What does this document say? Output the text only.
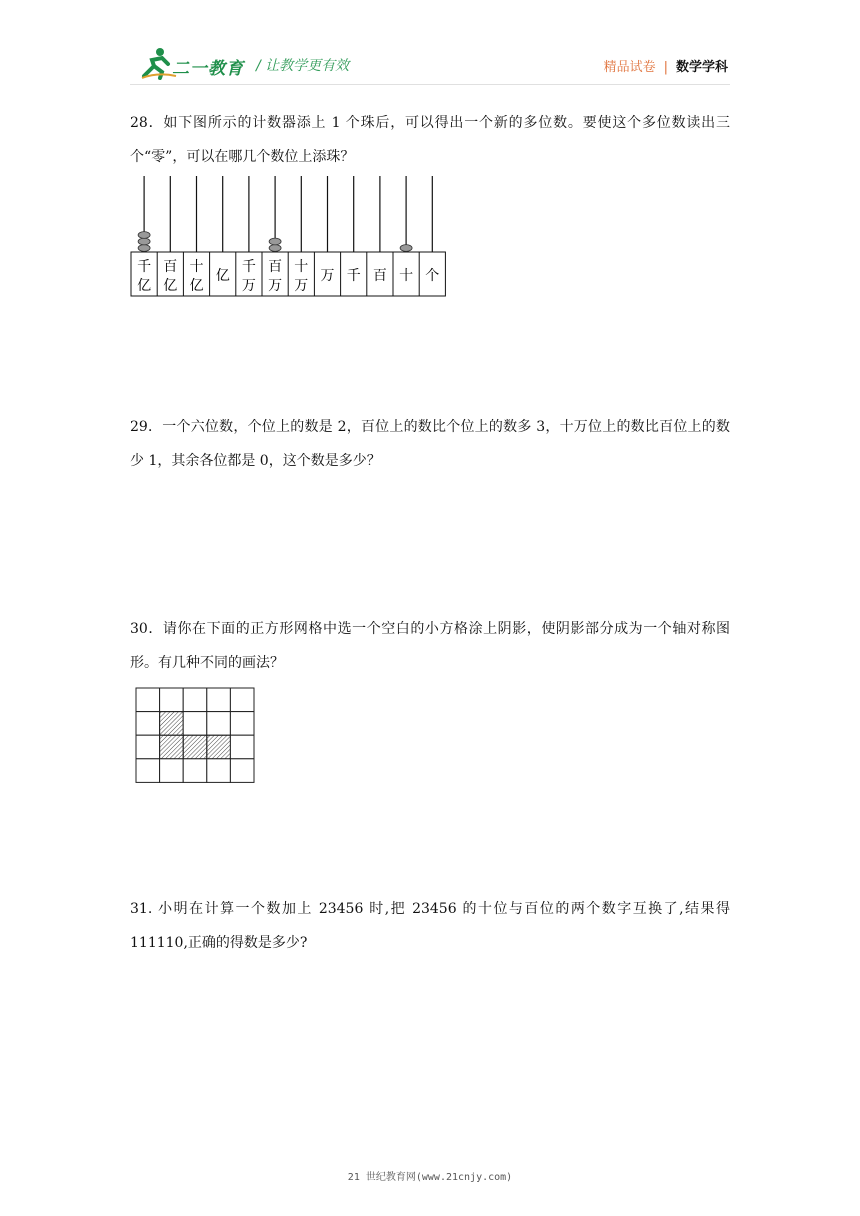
二一教育 / 让教学更有效	精品试卷 | 数学学科
28．如下图所示的计数器添上 1 个珠后，可以得出一个新的多位数。要使这个多位数读出三个“零”，可以在哪几个数位上添珠？
千
亿
百
亿
十
亿
亿
千
万
百
万
十
万
万 千 百 十 个
29．一个六位数，个位上的数是 2，百位上的数比个位上的数多 3，十万位上的数比百位上的数少 1，其余各位都是 0，这个数是多少？
30．请你在下面的正方形网格中选一个空白的小方格涂上阴影，使阴影部分成为一个轴对称图形。有几种不同的画法？
31. 小明在计算一个数加上 23456 时,把 23456 的十位与百位的两个数字互换了,结果得 111110,正确的得数是多少?
21 世纪教育网(www.21cnjy.com)
